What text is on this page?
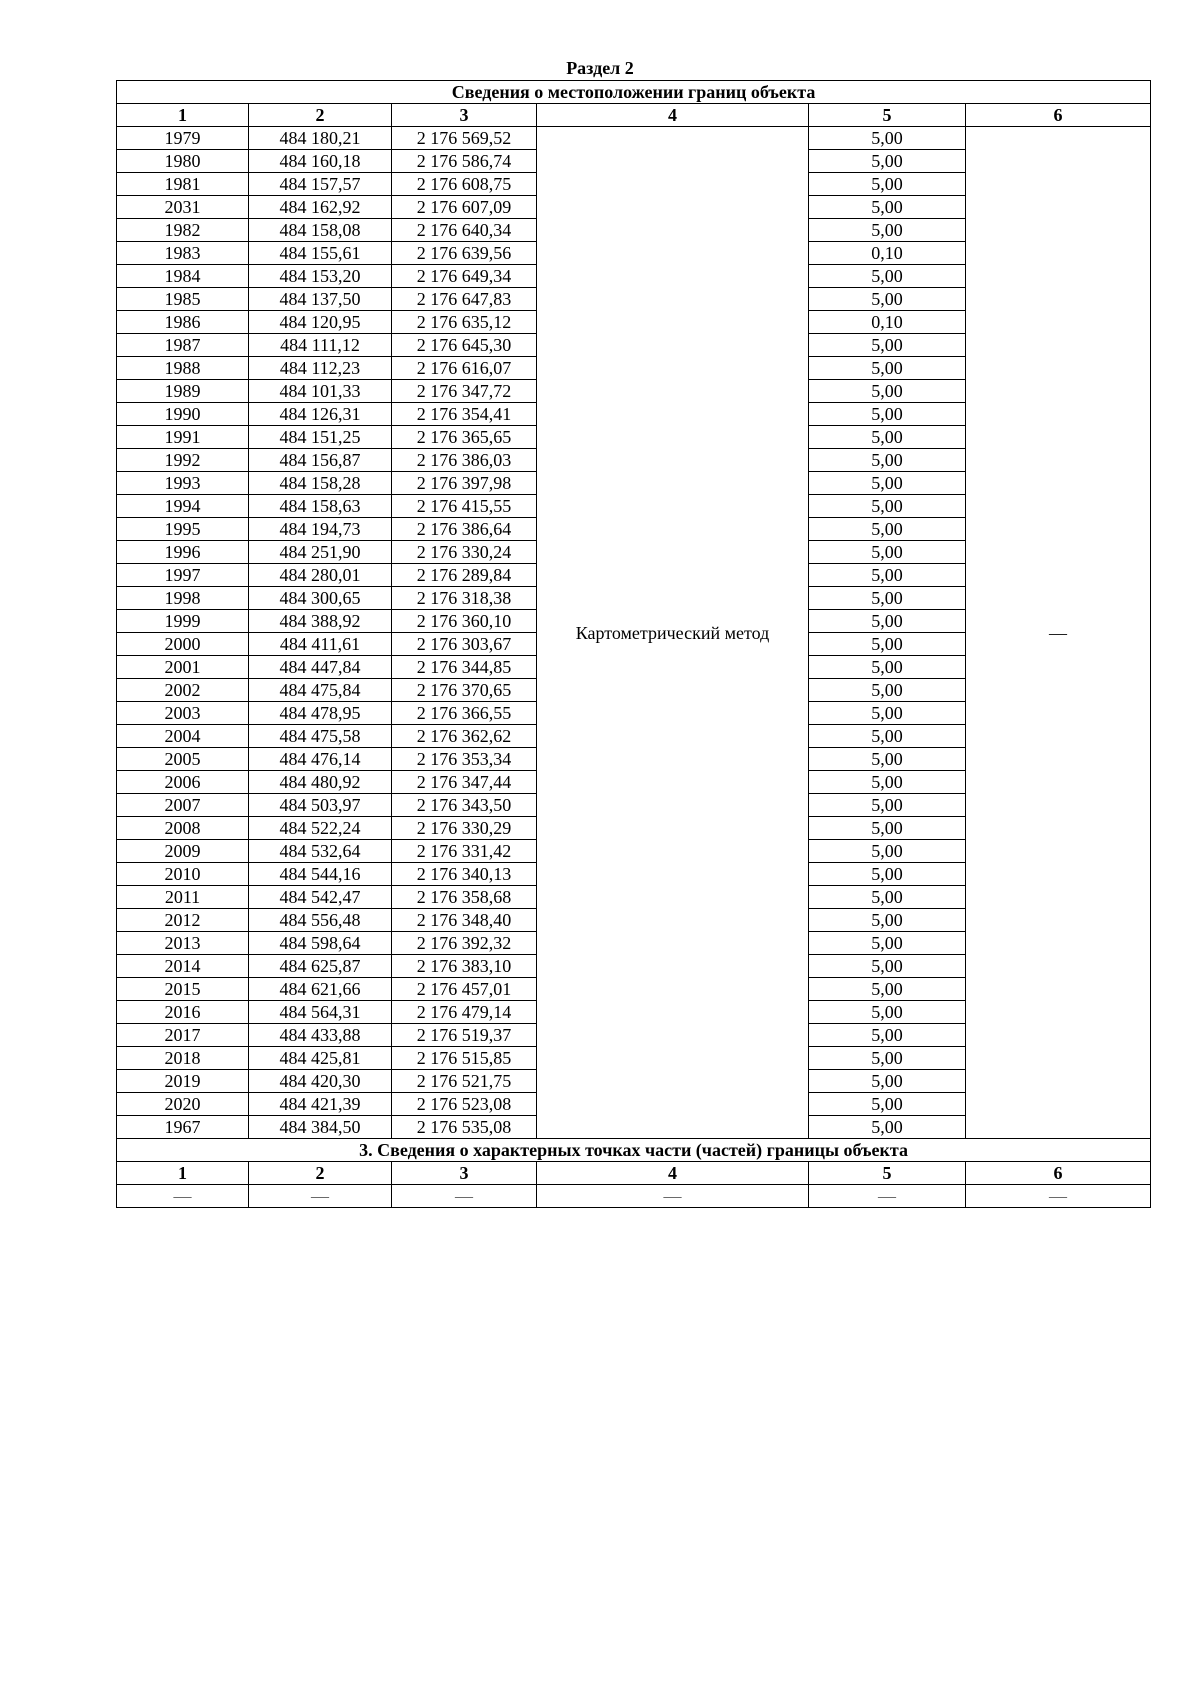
Раздел 2
Сведения о местоположении границ объекта					
1	2	3	4	5	6
1979	484 180,21	2 176 569,52	Картометрический метод	5,00	—
1980	484 160,18	2 176 586,74		5,00	
1981	484 157,57	2 176 608,75		5,00	
2031	484 162,92	2 176 607,09		5,00	
1982	484 158,08	2 176 640,34		5,00	
1983	484 155,61	2 176 639,56		0,10	
1984	484 153,20	2 176 649,34		5,00	
1985	484 137,50	2 176 647,83		5,00	
1986	484 120,95	2 176 635,12		0,10	
1987	484 111,12	2 176 645,30		5,00	
1988	484 112,23	2 176 616,07		5,00	
1989	484 101,33	2 176 347,72		5,00	
1990	484 126,31	2 176 354,41		5,00	
1991	484 151,25	2 176 365,65		5,00	
1992	484 156,87	2 176 386,03		5,00	
1993	484 158,28	2 176 397,98		5,00	
1994	484 158,63	2 176 415,55		5,00	
1995	484 194,73	2 176 386,64		5,00	
1996	484 251,90	2 176 330,24		5,00	
1997	484 280,01	2 176 289,84		5,00	
1998	484 300,65	2 176 318,38		5,00	
1999	484 388,92	2 176 360,10		5,00	
2000	484 411,61	2 176 303,67		5,00	
2001	484 447,84	2 176 344,85		5,00	
2002	484 475,84	2 176 370,65		5,00	
2003	484 478,95	2 176 366,55		5,00	
2004	484 475,58	2 176 362,62		5,00	
2005	484 476,14	2 176 353,34		5,00	
2006	484 480,92	2 176 347,44		5,00	
2007	484 503,97	2 176 343,50		5,00	
2008	484 522,24	2 176 330,29		5,00	
2009	484 532,64	2 176 331,42		5,00	
2010	484 544,16	2 176 340,13		5,00	
2011	484 542,47	2 176 358,68		5,00	
2012	484 556,48	2 176 348,40		5,00	
2013	484 598,64	2 176 392,32		5,00	
2014	484 625,87	2 176 383,10		5,00	
2015	484 621,66	2 176 457,01		5,00	
2016	484 564,31	2 176 479,14		5,00	
2017	484 433,88	2 176 519,37		5,00	
2018	484 425,81	2 176 515,85		5,00	
2019	484 420,30	2 176 521,75		5,00	
2020	484 421,39	2 176 523,08		5,00	
1967	484 384,50	2 176 535,08		5,00	
3. Сведения о характерных точках части (частей) границы объекта					
1	2	3	4	5	6
—	—	—	—	—	—
